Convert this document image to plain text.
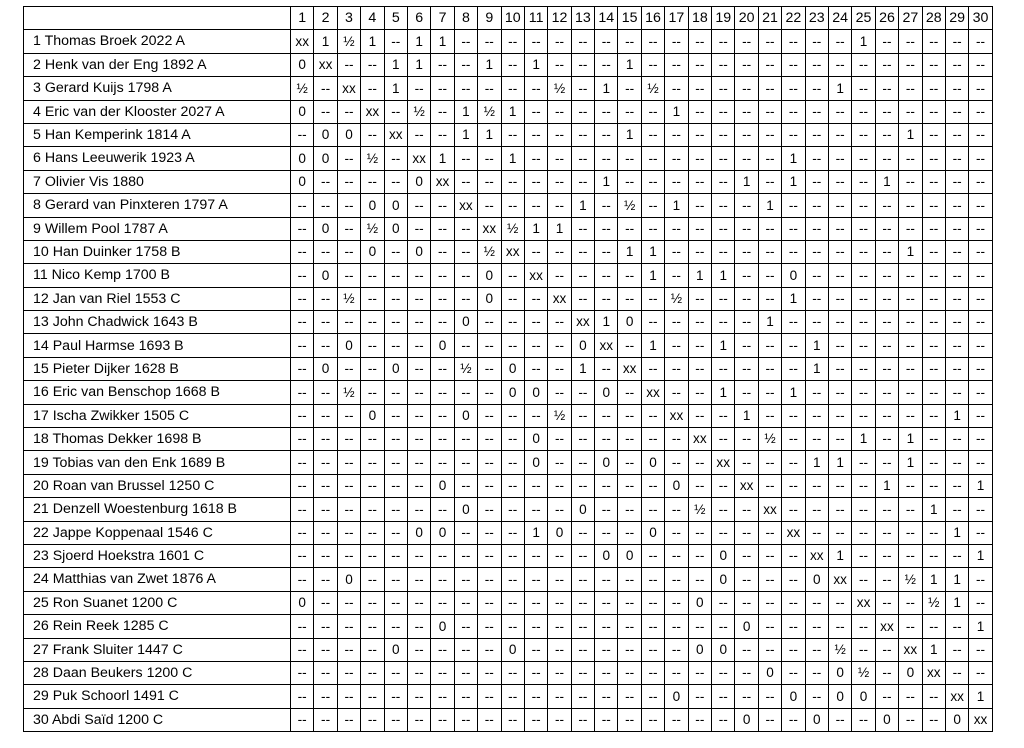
	1	2	3	4	5	6	7	8	9	10	11	12	13	14	15	16	17	18	19	20	21	22	23	24	25	26	27	28	29	30
1 Thomas Broek 2022 A	xx	1	½	1	--	1	1	--	--	--	--	--	--	--	--	--	--	--	--	--	--	--	--	--	1	--	--	--	--	--
2 Henk van der Eng 1892 A	0	xx	--	--	1	1	--	--	1	--	1	--	--	--	1	--	--	--	--	--	--	--	--	--	--	--	--	--	--	--
3 Gerard Kuijs 1798 A	½	--	xx	--	1	--	--	--	--	--	--	½	--	1	--	½	--	--	--	--	--	--	--	1	--	--	--	--	--	--
4 Eric van der Klooster 2027 A	0	--	--	xx	--	½	--	1	½	1	--	--	--	--	--	--	1	--	--	--	--	--	--	--	--	--	--	--	--	--
5 Han Kemperink 1814 A	--	0	0	--	xx	--	--	1	1	--	--	--	--	--	1	--	--	--	--	--	--	--	--	--	--	--	1	--	--	--
6 Hans Leeuwerik 1923 A	0	0	--	½	--	xx	1	--	--	1	--	--	--	--	--	--	--	--	--	--	--	1	--	--	--	--	--	--	--	--
7 Olivier Vis 1880	0	--	--	--	--	0	xx	--	--	--	--	--	--	1	--	--	--	--	--	1	--	1	--	--	--	1	--	--	--	--
8 Gerard van Pinxteren 1797 A	--	--	--	0	0	--	--	xx	--	--	--	--	1	--	½	--	1	--	--	--	1	--	--	--	--	--	--	--	--	--
9 Willem Pool 1787 A	--	0	--	½	0	--	--	--	xx	½	1	1	--	--	--	--	--	--	--	--	--	--	--	--	--	--	--	--	--	--
10 Han Duinker 1758 B	--	--	--	0	--	0	--	--	½	xx	--	--	--	--	1	1	--	--	--	--	--	--	--	--	--	--	1	--	--	--
11 Nico Kemp 1700 B	--	0	--	--	--	--	--	--	0	--	xx	--	--	--	--	1	--	1	1	--	--	0	--	--	--	--	--	--	--	--
12 Jan van Riel 1553 C	--	--	½	--	--	--	--	--	0	--	--	xx	--	--	--	--	½	--	--	--	--	1	--	--	--	--	--	--	--	--
13 John Chadwick 1643 B	--	--	--	--	--	--	--	0	--	--	--	--	xx	1	0	--	--	--	--	--	1	--	--	--	--	--	--	--	--	--
14 Paul Harmse 1693 B	--	--	0	--	--	--	0	--	--	--	--	--	0	xx	--	1	--	--	1	--	--	--	1	--	--	--	--	--	--	--
15 Pieter Dijker 1628 B	--	0	--	--	0	--	--	½	--	0	--	--	1	--	xx	--	--	--	--	--	--	--	1	--	--	--	--	--	--	--
16 Eric van Benschop 1668 B	--	--	½	--	--	--	--	--	--	0	0	--	--	0	--	xx	--	--	1	--	--	1	--	--	--	--	--	--	--	--
17 Ischa Zwikker 1505 C	--	--	--	0	--	--	--	0	--	--	--	½	--	--	--	--	xx	--	--	1	--	--	--	--	--	--	--	--	1	--
18 Thomas Dekker 1698 B	--	--	--	--	--	--	--	--	--	--	0	--	--	--	--	--	--	xx	--	--	½	--	--	--	1	--	1	--	--	--
19 Tobias van den Enk 1689 B	--	--	--	--	--	--	--	--	--	--	0	--	--	0	--	0	--	--	xx	--	--	--	1	1	--	--	1	--	--	--
20 Roan van Brussel 1250 C	--	--	--	--	--	--	0	--	--	--	--	--	--	--	--	--	0	--	--	xx	--	--	--	--	--	1	--	--	--	1
21 Denzell Woestenburg 1618 B	--	--	--	--	--	--	--	0	--	--	--	--	0	--	--	--	--	½	--	--	xx	--	--	--	--	--	--	1	--	--
22 Jappe Koppenaal 1546 C	--	--	--	--	--	0	0	--	--	--	1	0	--	--	--	0	--	--	--	--	--	xx	--	--	--	--	--	--	1	--
23 Sjoerd Hoekstra 1601 C	--	--	--	--	--	--	--	--	--	--	--	--	--	0	0	--	--	--	0	--	--	--	xx	1	--	--	--	--	--	1
24 Matthias van Zwet 1876 A	--	--	0	--	--	--	--	--	--	--	--	--	--	--	--	--	--	--	0	--	--	--	0	xx	--	--	½	1	1	--
25 Ron Suanet 1200 C	0	--	--	--	--	--	--	--	--	--	--	--	--	--	--	--	--	0	--	--	--	--	--	--	xx	--	--	½	1	--
26 Rein Reek 1285 C	--	--	--	--	--	--	0	--	--	--	--	--	--	--	--	--	--	--	--	0	--	--	--	--	--	xx	--	--	--	1
27 Frank Sluiter 1447 C	--	--	--	--	0	--	--	--	--	0	--	--	--	--	--	--	--	0	0	--	--	--	--	½	--	--	xx	1	--	--
28 Daan Beukers 1200 C	--	--	--	--	--	--	--	--	--	--	--	--	--	--	--	--	--	--	--	--	0	--	--	0	½	--	0	xx	--	--
29 Puk Schoorl 1491 C	--	--	--	--	--	--	--	--	--	--	--	--	--	--	--	--	0	--	--	--	--	0	--	0	0	--	--	--	xx	1
30 Abdi Saïd 1200 C	--	--	--	--	--	--	--	--	--	--	--	--	--	--	--	--	--	--	--	0	--	--	0	--	--	0	--	--	0	xx
